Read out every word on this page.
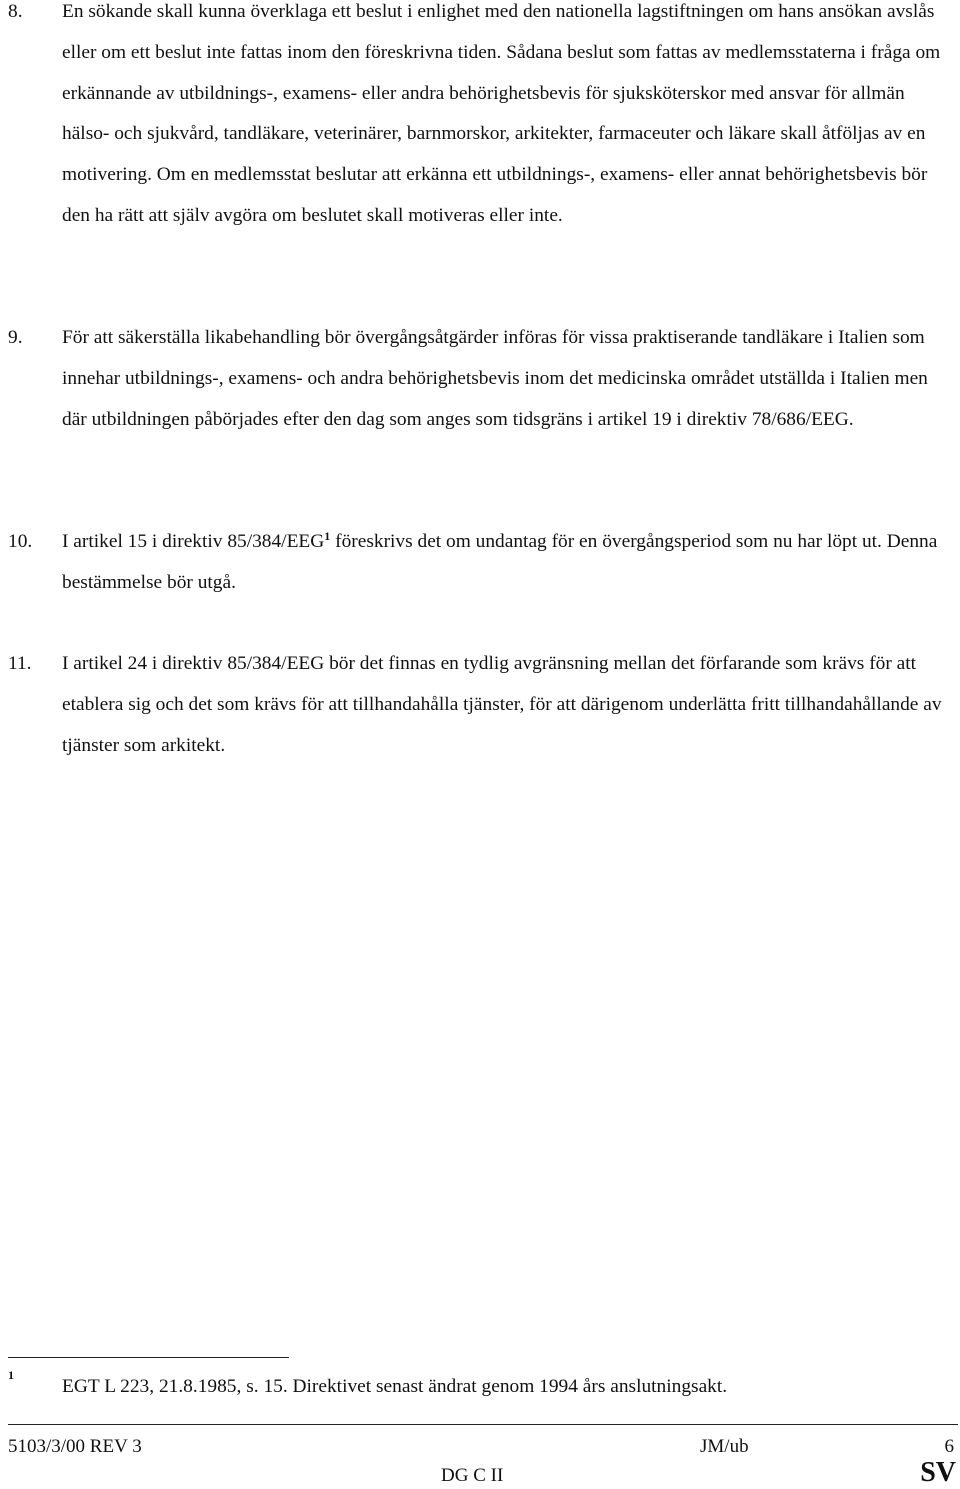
8. En sökande skall kunna överklaga ett beslut i enlighet med den nationella lagstiftningen om hans ansökan avslås eller om ett beslut inte fattas inom den föreskrivna tiden. Sådana beslut som fattas av medlemsstaterna i fråga om erkännande av utbildnings-, examens- eller andra behörighetsbevis för sjuksköterskor med ansvar för allmän hälso- och sjukvård, tandläkare, veterinärer, barnmorskor, arkitekter, farmaceuter och läkare skall åtföljas av en motivering. Om en medlemsstat beslutar att erkänna ett utbildnings-, examens- eller annat behörighetsbevis bör den ha rätt att själv avgöra om beslutet skall motiveras eller inte.
9. För att säkerställa likabehandling bör övergångsåtgärder införas för vissa praktiserande tandläkare i Italien som innehar utbildnings-, examens- och andra behörighetsbevis inom det medicinska området utställda i Italien men där utbildningen påbörjades efter den dag som anges som tidsgräns i artikel 19 i direktiv 78/686/EEG.
10. I artikel 15 i direktiv 85/384/EEG$^1$ föreskrivs det om undantag för en övergångsperiod som nu har löpt ut. Denna bestämmelse bör utgå.
11. I artikel 24 i direktiv 85/384/EEG bör det finnas en tydlig avgränsning mellan det förfarande som krävs för att etablera sig och det som krävs för att tillhandahålla tjänster, för att därigenom underlätta fritt tillhandahållande av tjänster som arkitekt.
1
EGT L 223, 21.8.1985, s. 15. Direktivet senast ändrat genom 1994 års anslutningsakt.
5103/3/00 REV 3	JM/ub	6
DG C II	SV
